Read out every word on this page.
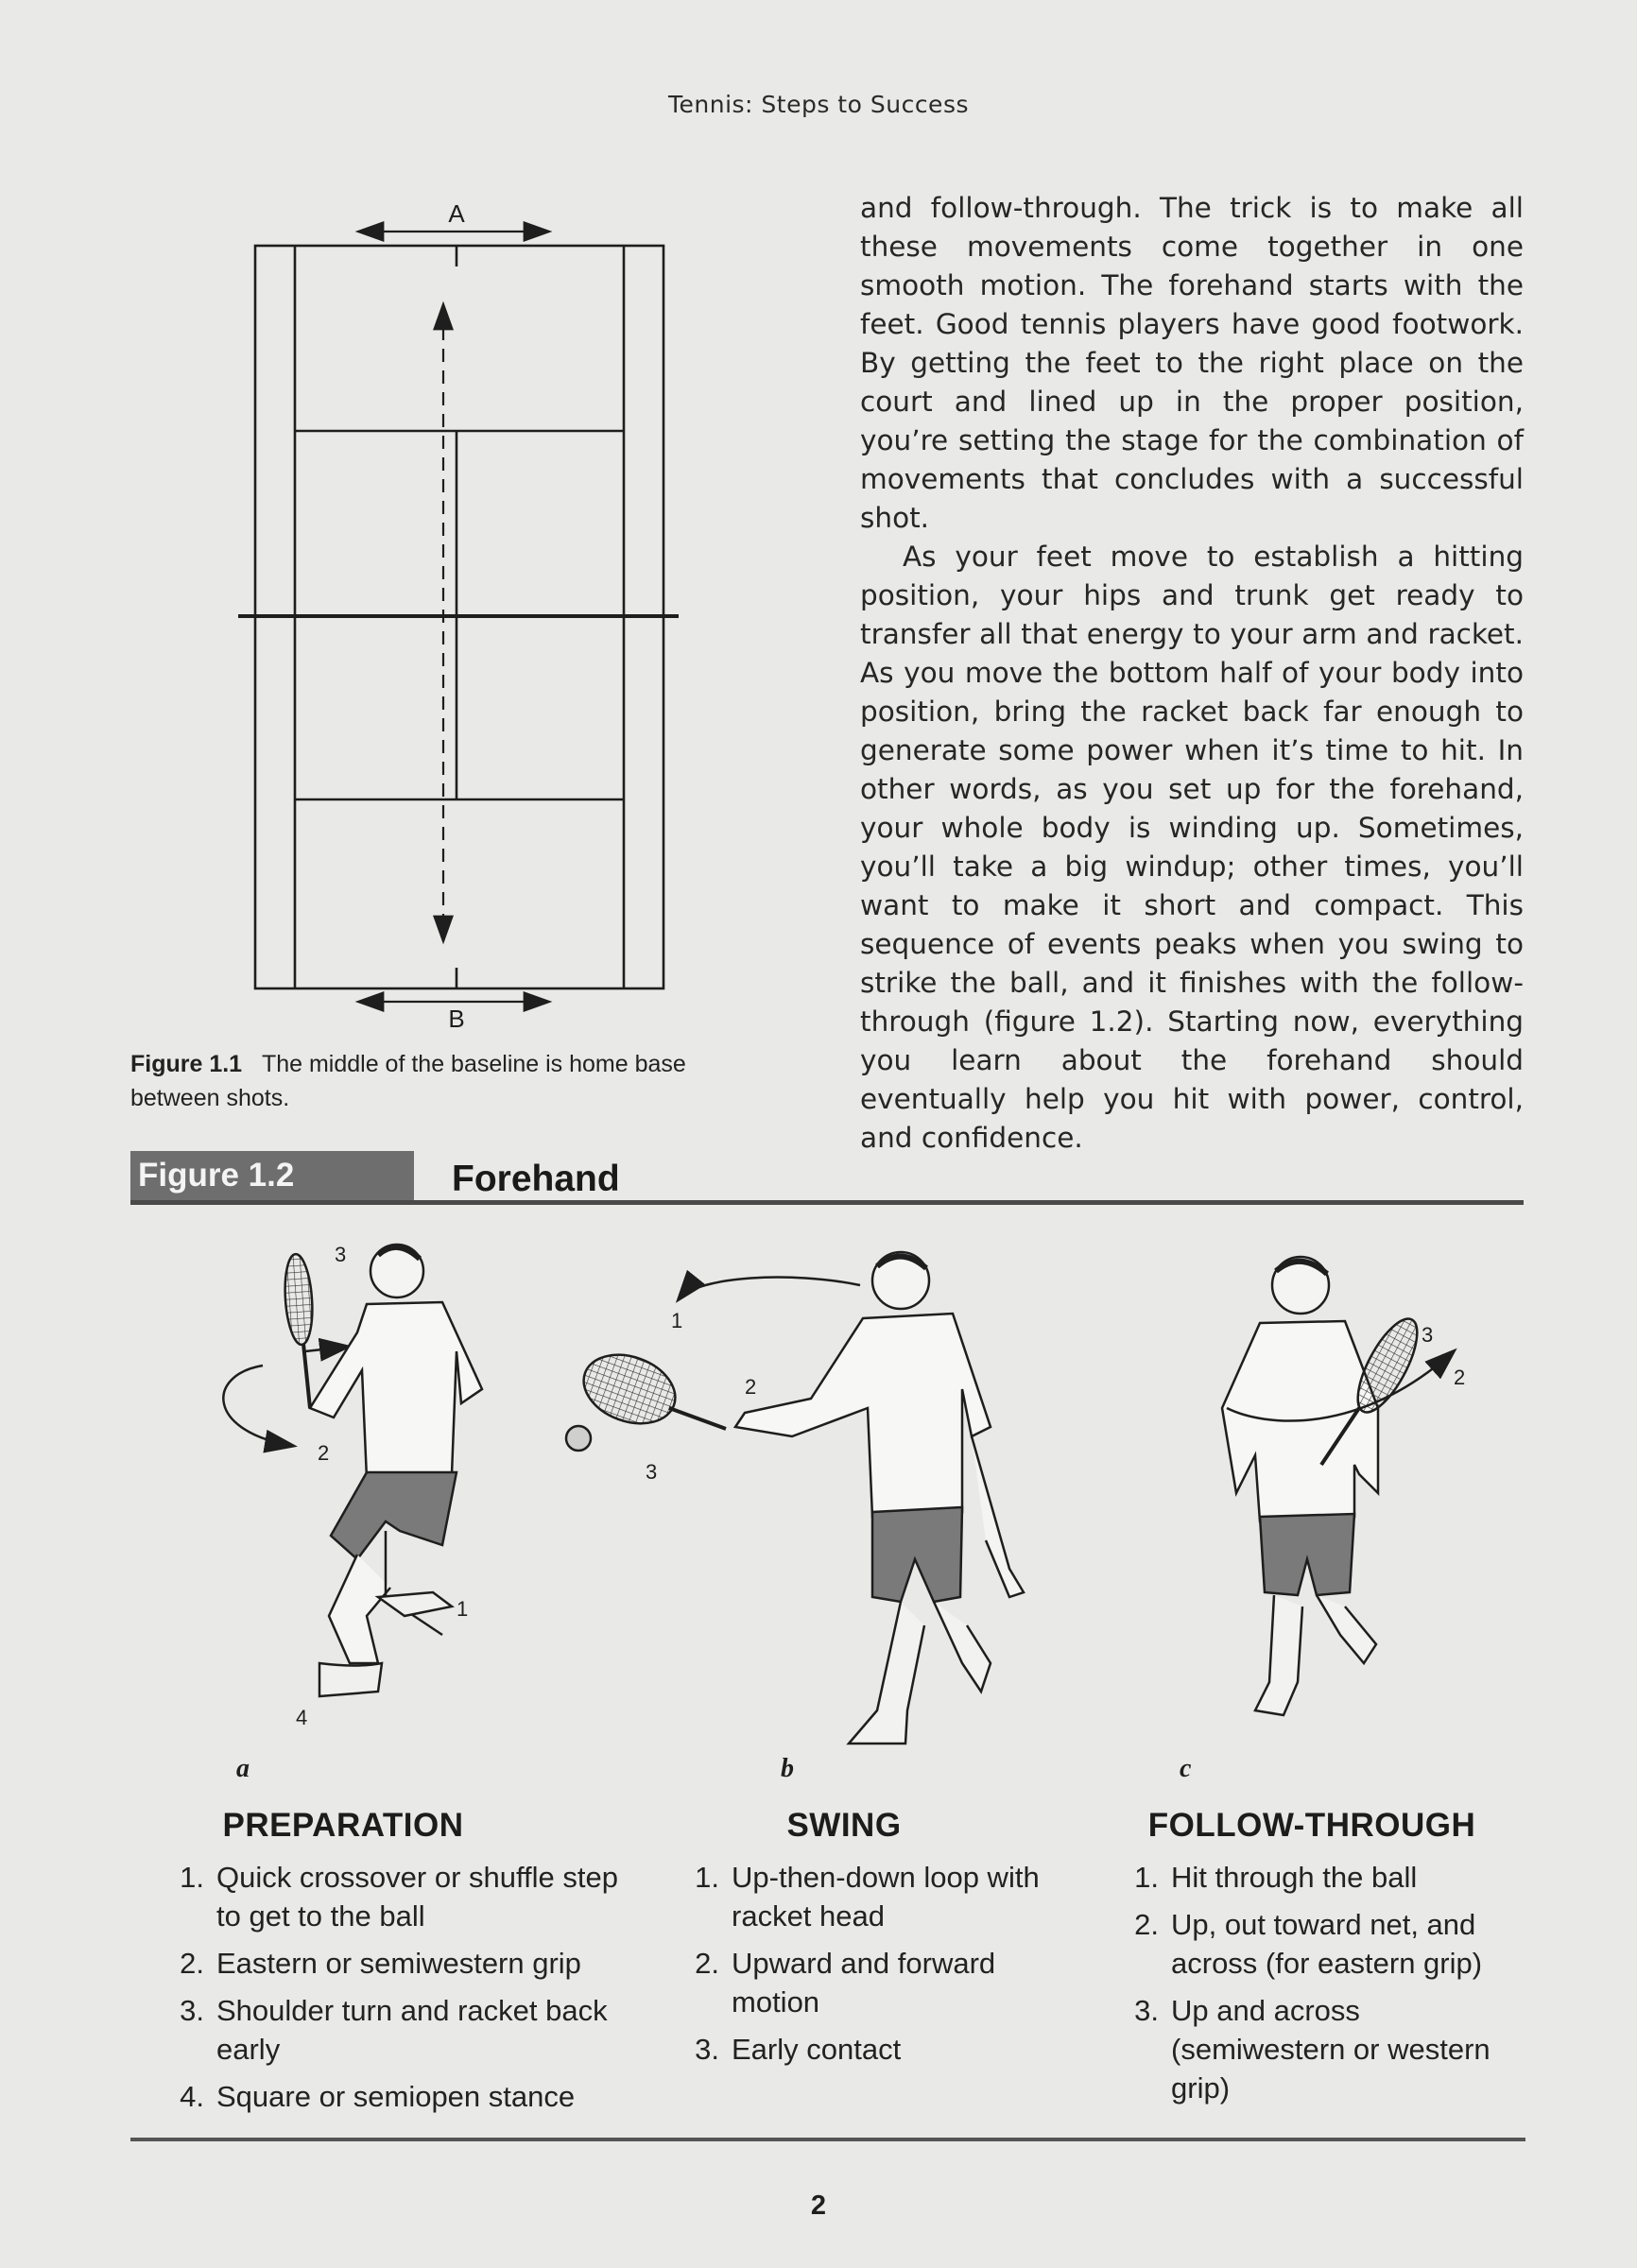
Tennis: Steps to Success
A
B
Figure 1.1 The middle of the baseline is home base between shots.

and follow-through. The trick is to make all these movements come together in one smooth motion. The forehand starts with the feet. Good tennis players have good footwork. By getting the feet to the right place on the court and lined up in the proper position, you’re setting the stage for the combination of movements that concludes with a successful shot.

As your feet move to establish a hitting position, your hips and trunk get ready to transfer all that energy to your arm and racket. As you move the bottom half of your body into position, bring the racket back far enough to generate some power when it’s time to hit. In other words, as you set up for the forehand, your whole body is winding up. Sometimes, you’ll take a big windup; other times, you’ll want to make it short and compact. This sequence of events peaks when you swing to strike the ball, and it finishes with the follow-through (figure 1.2). Starting now, everything you learn about the forehand should eventually help you hit with power, control, and confidence.

Figure 1.2	Forehand
3
2
1
4
a
1
2
3
b
3
2
c
PREPARATION
1. Quick crossover or shuffle step to get to the ball
2. Eastern or semiwestern grip
3. Shoulder turn and racket back early
4. Square or semiopen stance
SWING
1. Up-then-down loop with racket head
2. Upward and forward motion
3. Early contact
FOLLOW-THROUGH
1. Hit through the ball
2. Up, out toward net, and across (for eastern grip)
3. Up and across (semiwestern or western grip)
2
